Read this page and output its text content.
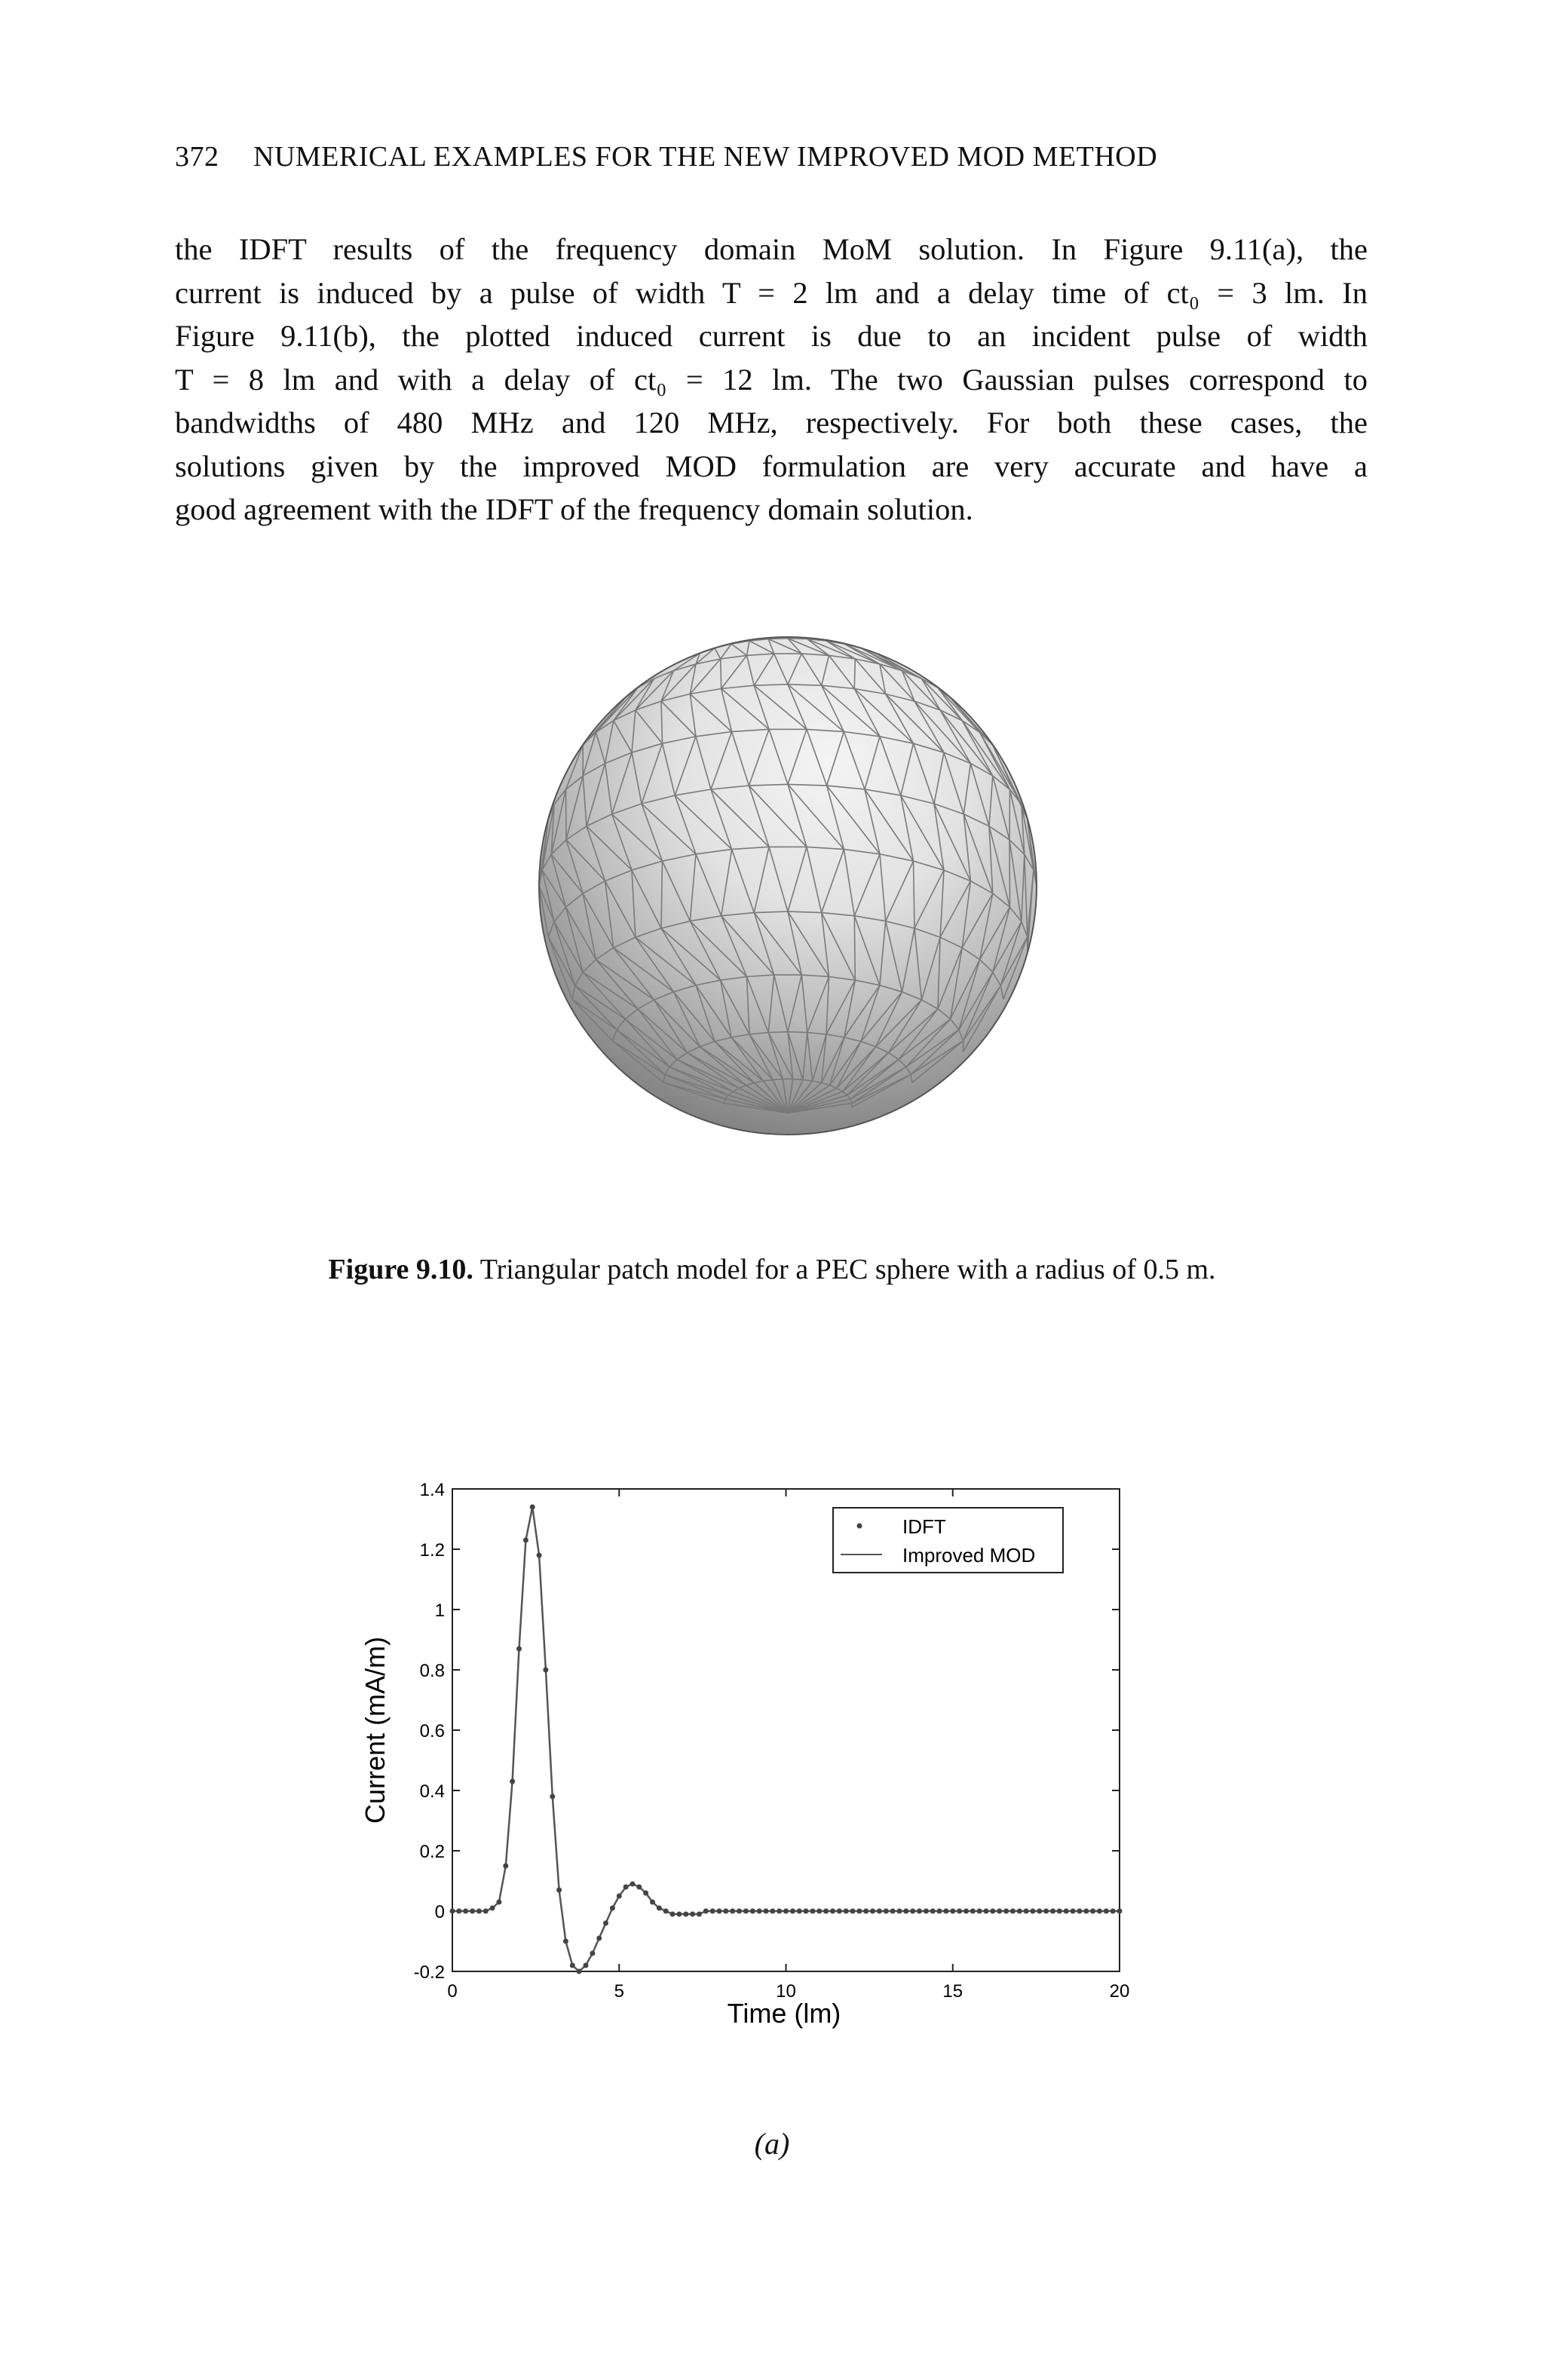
372 NUMERICAL EXAMPLES FOR THE NEW IMPROVED MOD METHOD

the IDFT results of the frequency domain MoM solution. In Figure 9.11(a), the

current is induced by a pulse of width T = 2 lm and a delay time of ct₀ = 3 lm. In

Figure 9.11(b), the plotted induced current is due to an incident pulse of width

T = 8 lm and with a delay of ct₀ = 12 lm. The two Gaussian pulses correspond to

bandwidths of 480 MHz and 120 MHz, respectively. For both these cases, the

solutions given by the improved MOD formulation are very accurate and have a

good agreement with the IDFT of the frequency domain solution.

Figure 9.10. Triangular patch model for a PEC sphere with a radius of 0.5 m.
-0.2
0
0.2
0.4
0.6
0.8
1
1.2
1.4
0	5	10	15	20
Time (lm)
Current (mA/m)
IDFT
Improved MOD
(a)
